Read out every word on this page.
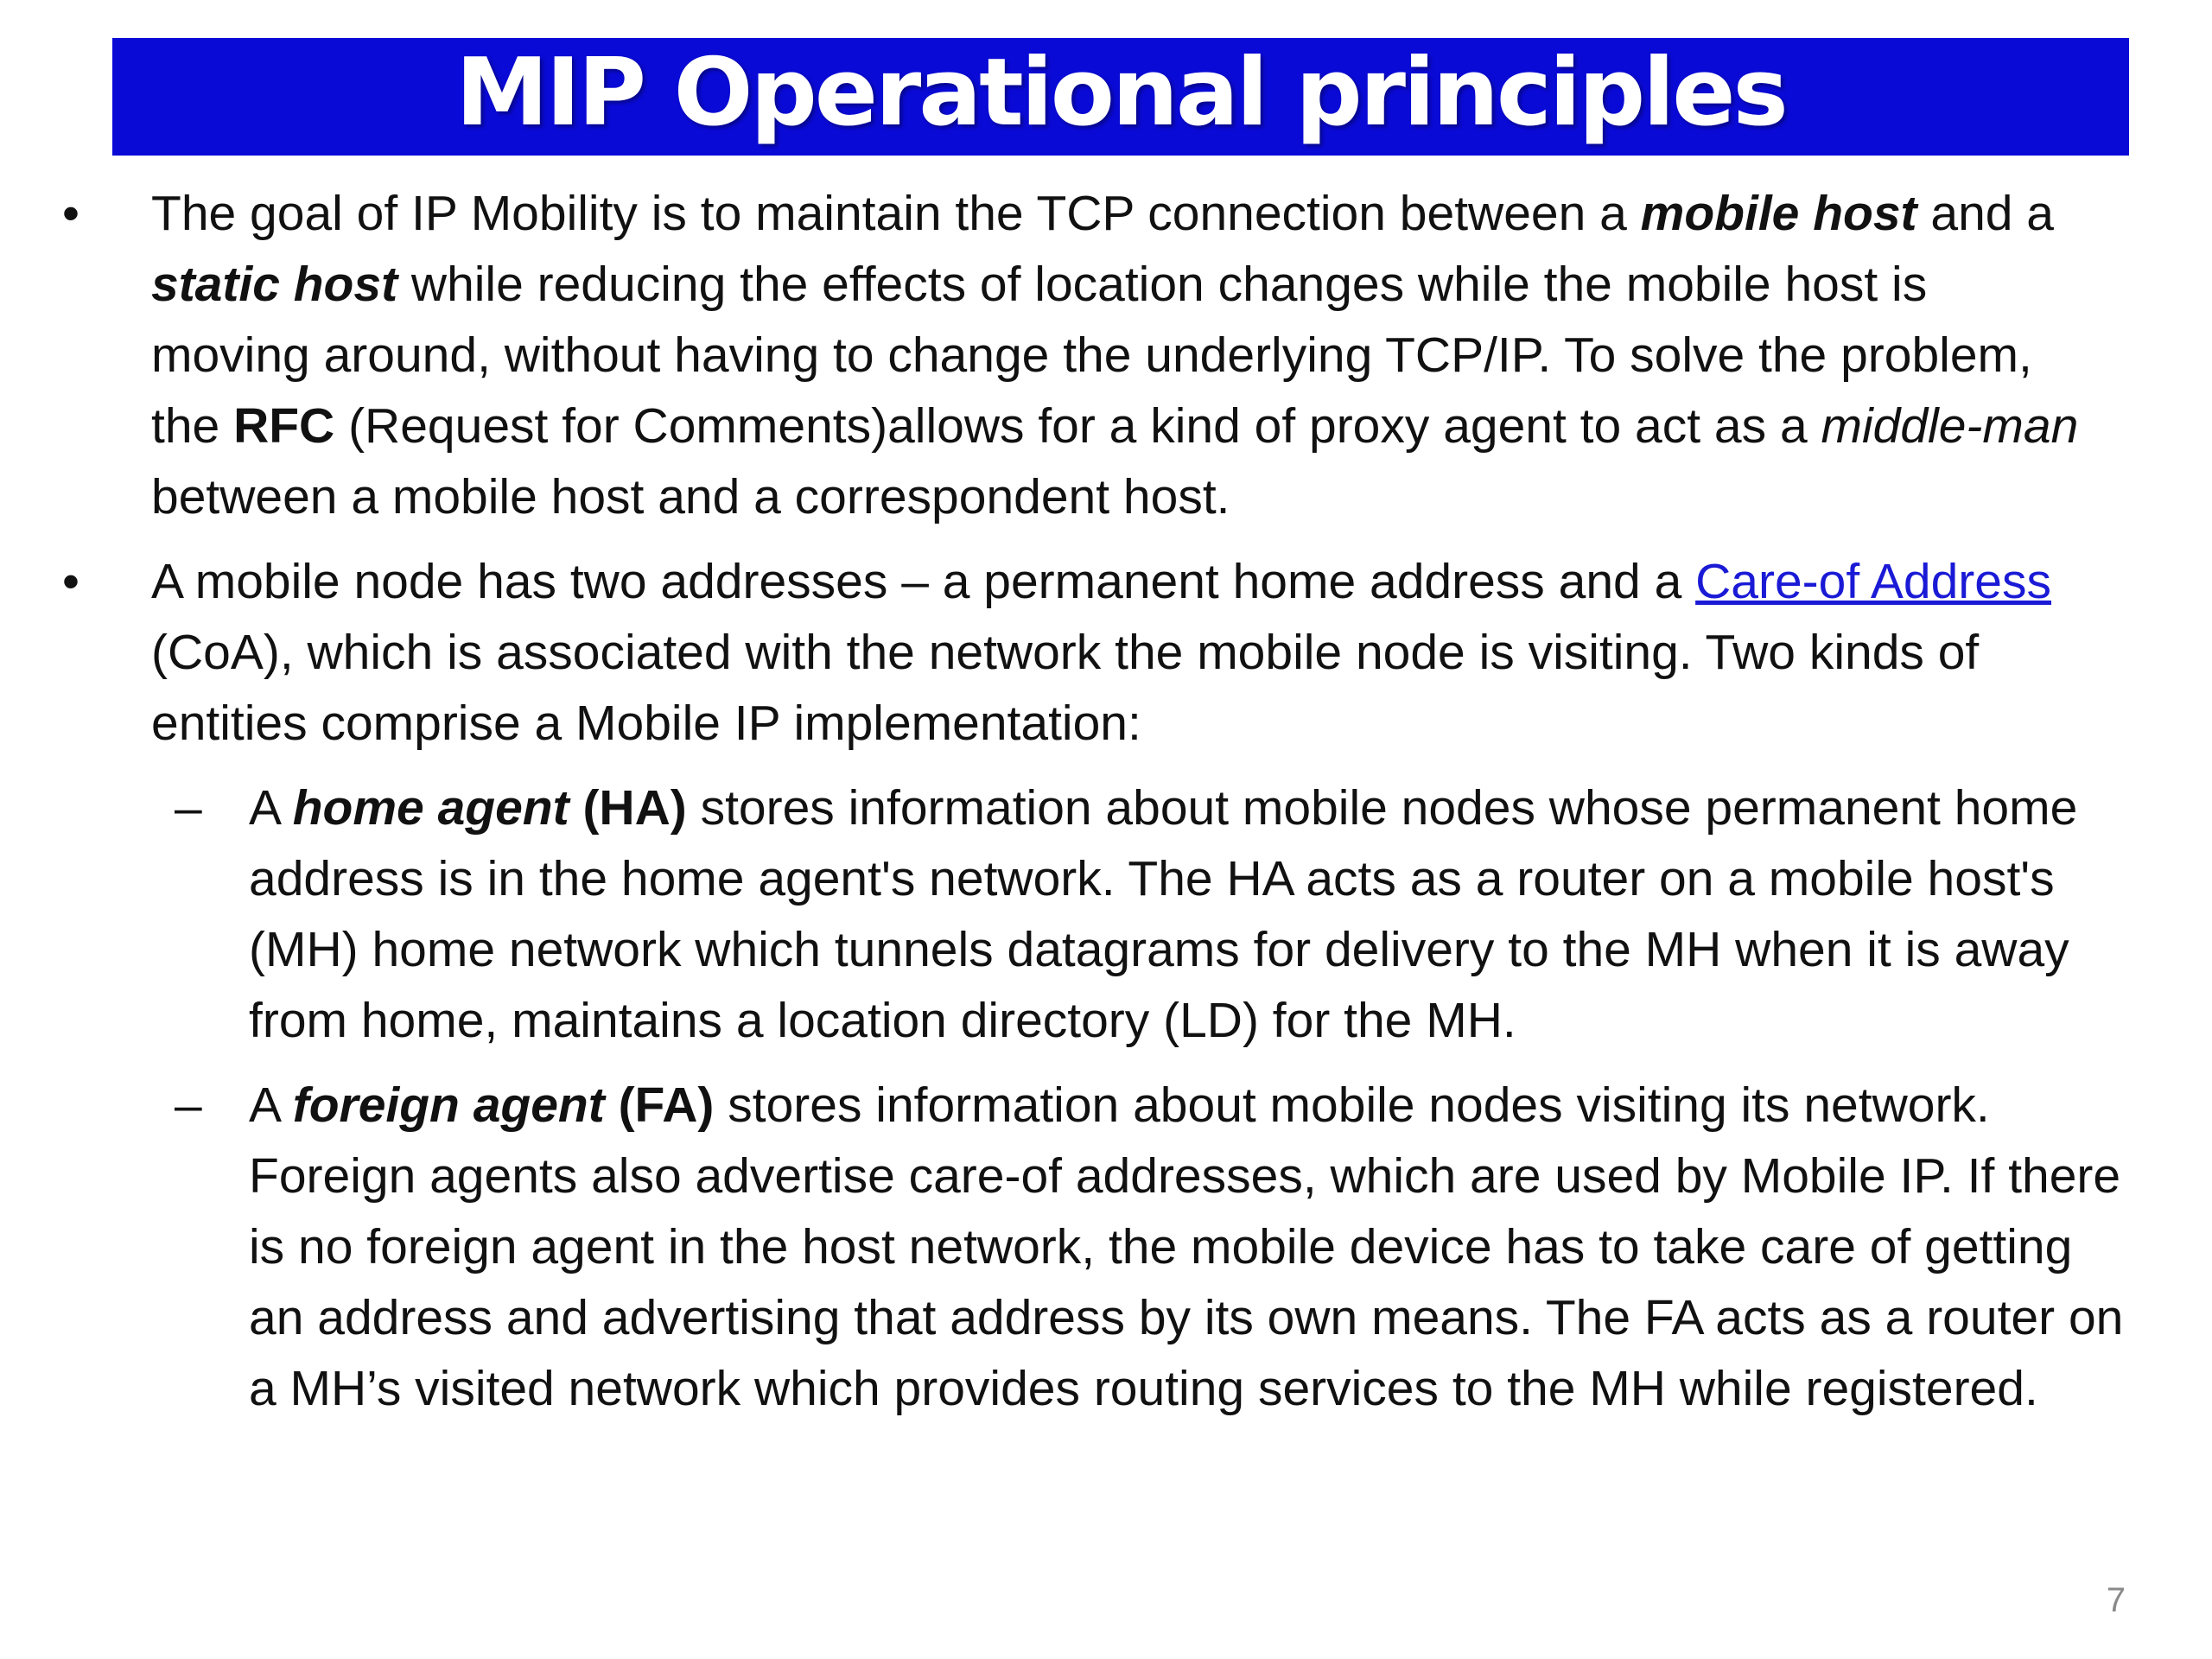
MIP Operational principles
• The goal of IP Mobility is to maintain the TCP connection between a mobile host and a static host while reducing the effects of location changes while the mobile host is moving around, without having to change the underlying TCP/IP. To solve the problem, the RFC (Request for Comments)allows for a kind of proxy agent to act as a middle-man between a mobile host and a correspondent host.
• A mobile node has two addresses – a permanent home address and a Care-of Address (CoA), which is associated with the network the mobile node is visiting. Two kinds of entities comprise a Mobile IP implementation:
– A home agent (HA) stores information about mobile nodes whose permanent home address is in the home agent's network. The HA acts as a router on a mobile host's (MH) home network which tunnels datagrams for delivery to the MH when it is away from home, maintains a location directory (LD) for the MH.
– A foreign agent (FA) stores information about mobile nodes visiting its network. Foreign agents also advertise care-of addresses, which are used by Mobile IP. If there is no foreign agent in the host network, the mobile device has to take care of getting an address and advertising that address by its own means. The FA acts as a router on a MH’s visited network which provides routing services to the MH while registered.
7
